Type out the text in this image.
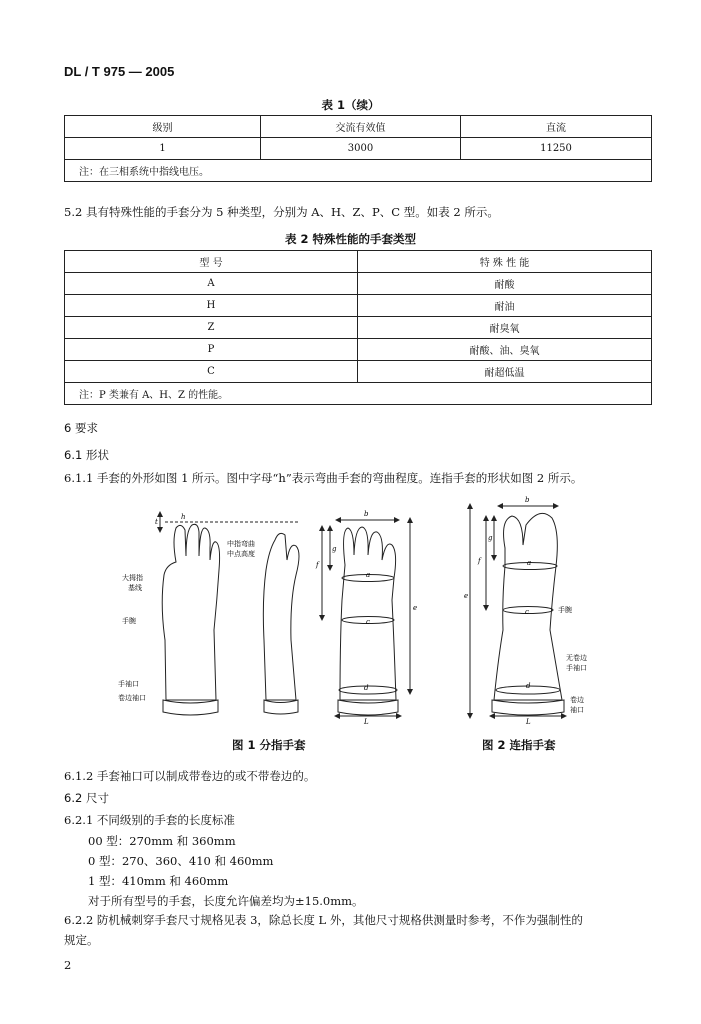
DL / T 975 — 2005
表 1（续）
级别	交流有效值	直流
1	3000	11250
注：在三相系统中指线电压。		
5.2 具有特殊性能的手套分为 5 种类型，分别为 A、H、Z、P、C 型。如表 2 所示。
表 2 特殊性能的手套类型
型 号	特 殊 性 能
A	耐酸
H	耐油
Z	耐臭氧
P	耐酸、油、臭氧
C	耐超低温
注：P 类兼有 A、H、Z 的性能。	
6 要求
6.1 形状
6.1.1 手套的外形如图 1 所示。图中字母“h”表示弯曲手套的弯曲程度。连指手套的形状如图 2 所示。
中指弯曲
中点高度
大拇指
基线
手腕
手袖口
卷边袖口
t
h	b
g
f
a
c
e
d
L
b
g
f	a
e
c
d
L
手腕
无卷边
手袖口
卷边
袖口
图 1 分指手套	图 2 连指手套
6.1.2 手套袖口可以制成带卷边的或不带卷边的。
6.2 尺寸
6.2.1 不同级别的手套的长度标准
00 型：270mm 和 360mm
0 型：270、360、410 和 460mm
1 型：410mm 和 460mm
对于所有型号的手套，长度允许偏差均为±15.0mm。
6.2.2 防机械刺穿手套尺寸规格见表 3，除总长度 L 外，其他尺寸规格供测量时参考，不作为强制性的
规定。
2
